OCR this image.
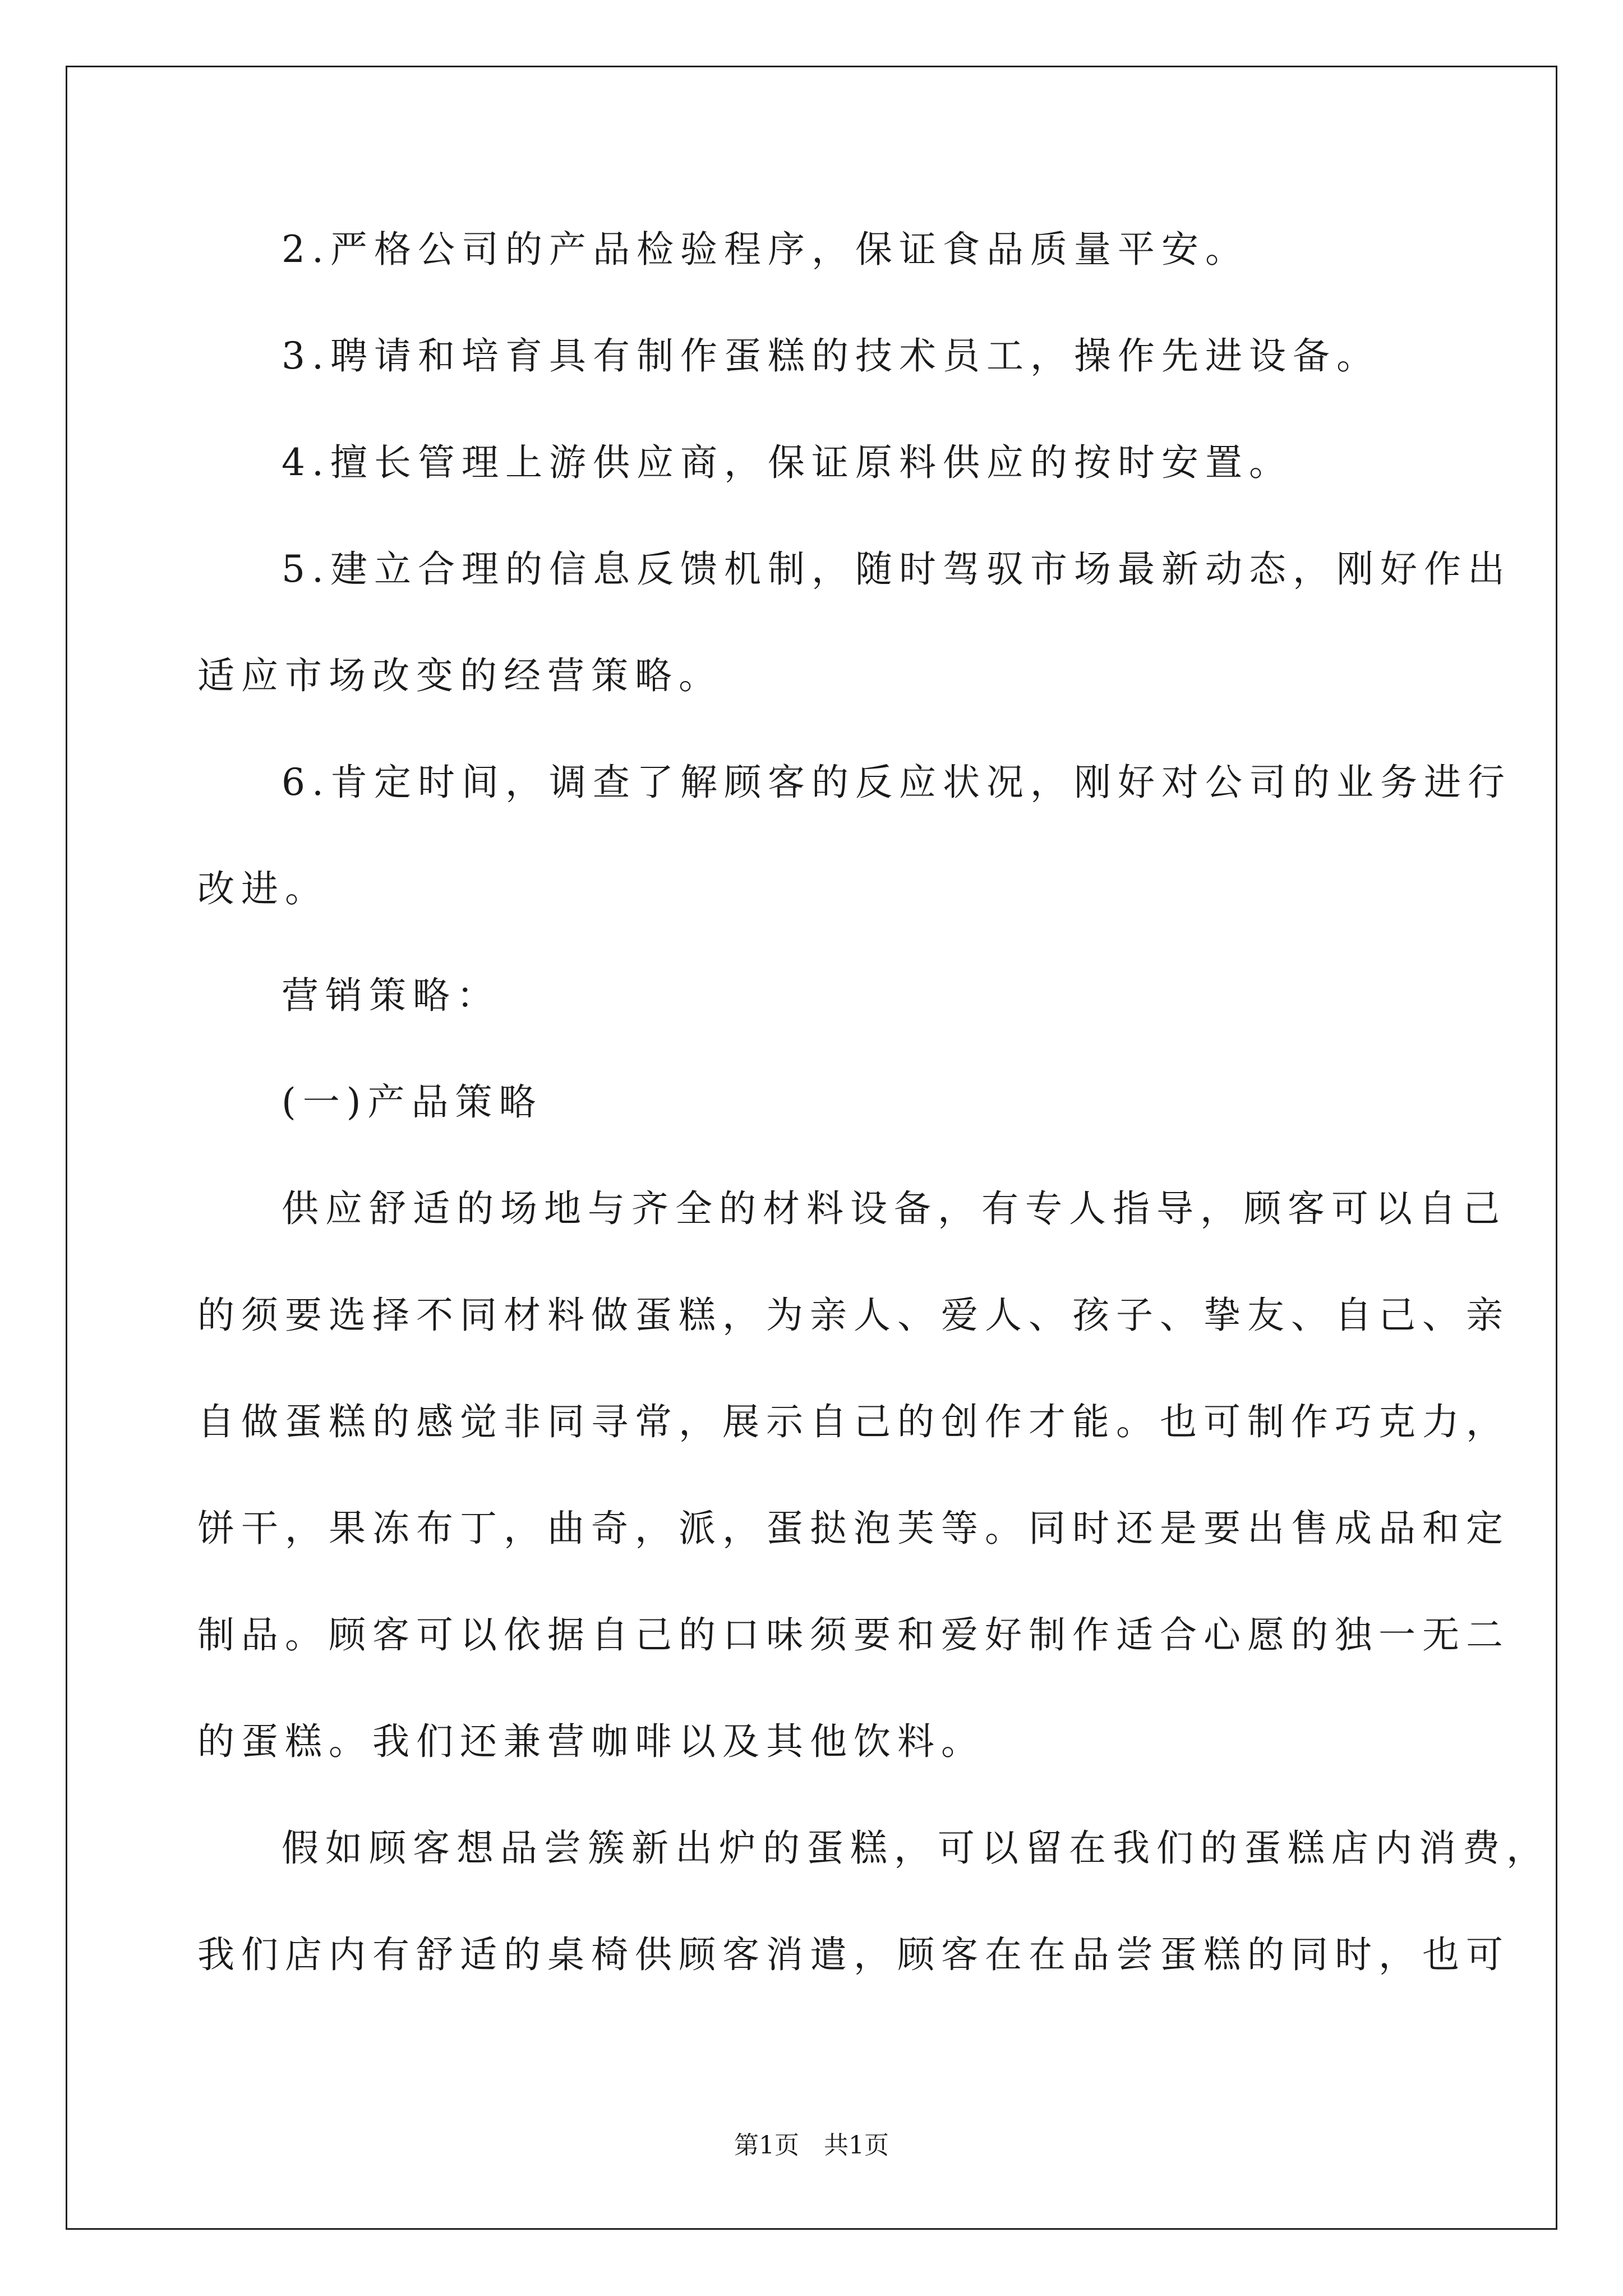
2.严格公司的产品检验程序，保证食品质量平安。
3.聘请和培育具有制作蛋糕的技术员工，操作先进设备。
4.擅长管理上游供应商，保证原料供应的按时安置。
5.建立合理的信息反馈机制，随时驾驭市场最新动态，刚好作出
适应市场改变的经营策略。
6.肯定时间，调查了解顾客的反应状况，刚好对公司的业务进行
改进。
营销策略：
(一)产品策略
供应舒适的场地与齐全的材料设备，有专人指导，顾客可以自己
的须要选择不同材料做蛋糕，为亲人、爱人、孩子、挚友、自己、亲
自做蛋糕的感觉非同寻常，展示自己的创作才能。也可制作巧克力，
饼干，果冻布丁，曲奇，派，蛋挞泡芙等。同时还是要出售成品和定
制品。顾客可以依据自己的口味须要和爱好制作适合心愿的独一无二
的蛋糕。我们还兼营咖啡以及其他饮料。
假如顾客想品尝簇新出炉的蛋糕，可以留在我们的蛋糕店内消费，
我们店内有舒适的桌椅供顾客消遣，顾客在在品尝蛋糕的同时，也可
第1页　共1页
